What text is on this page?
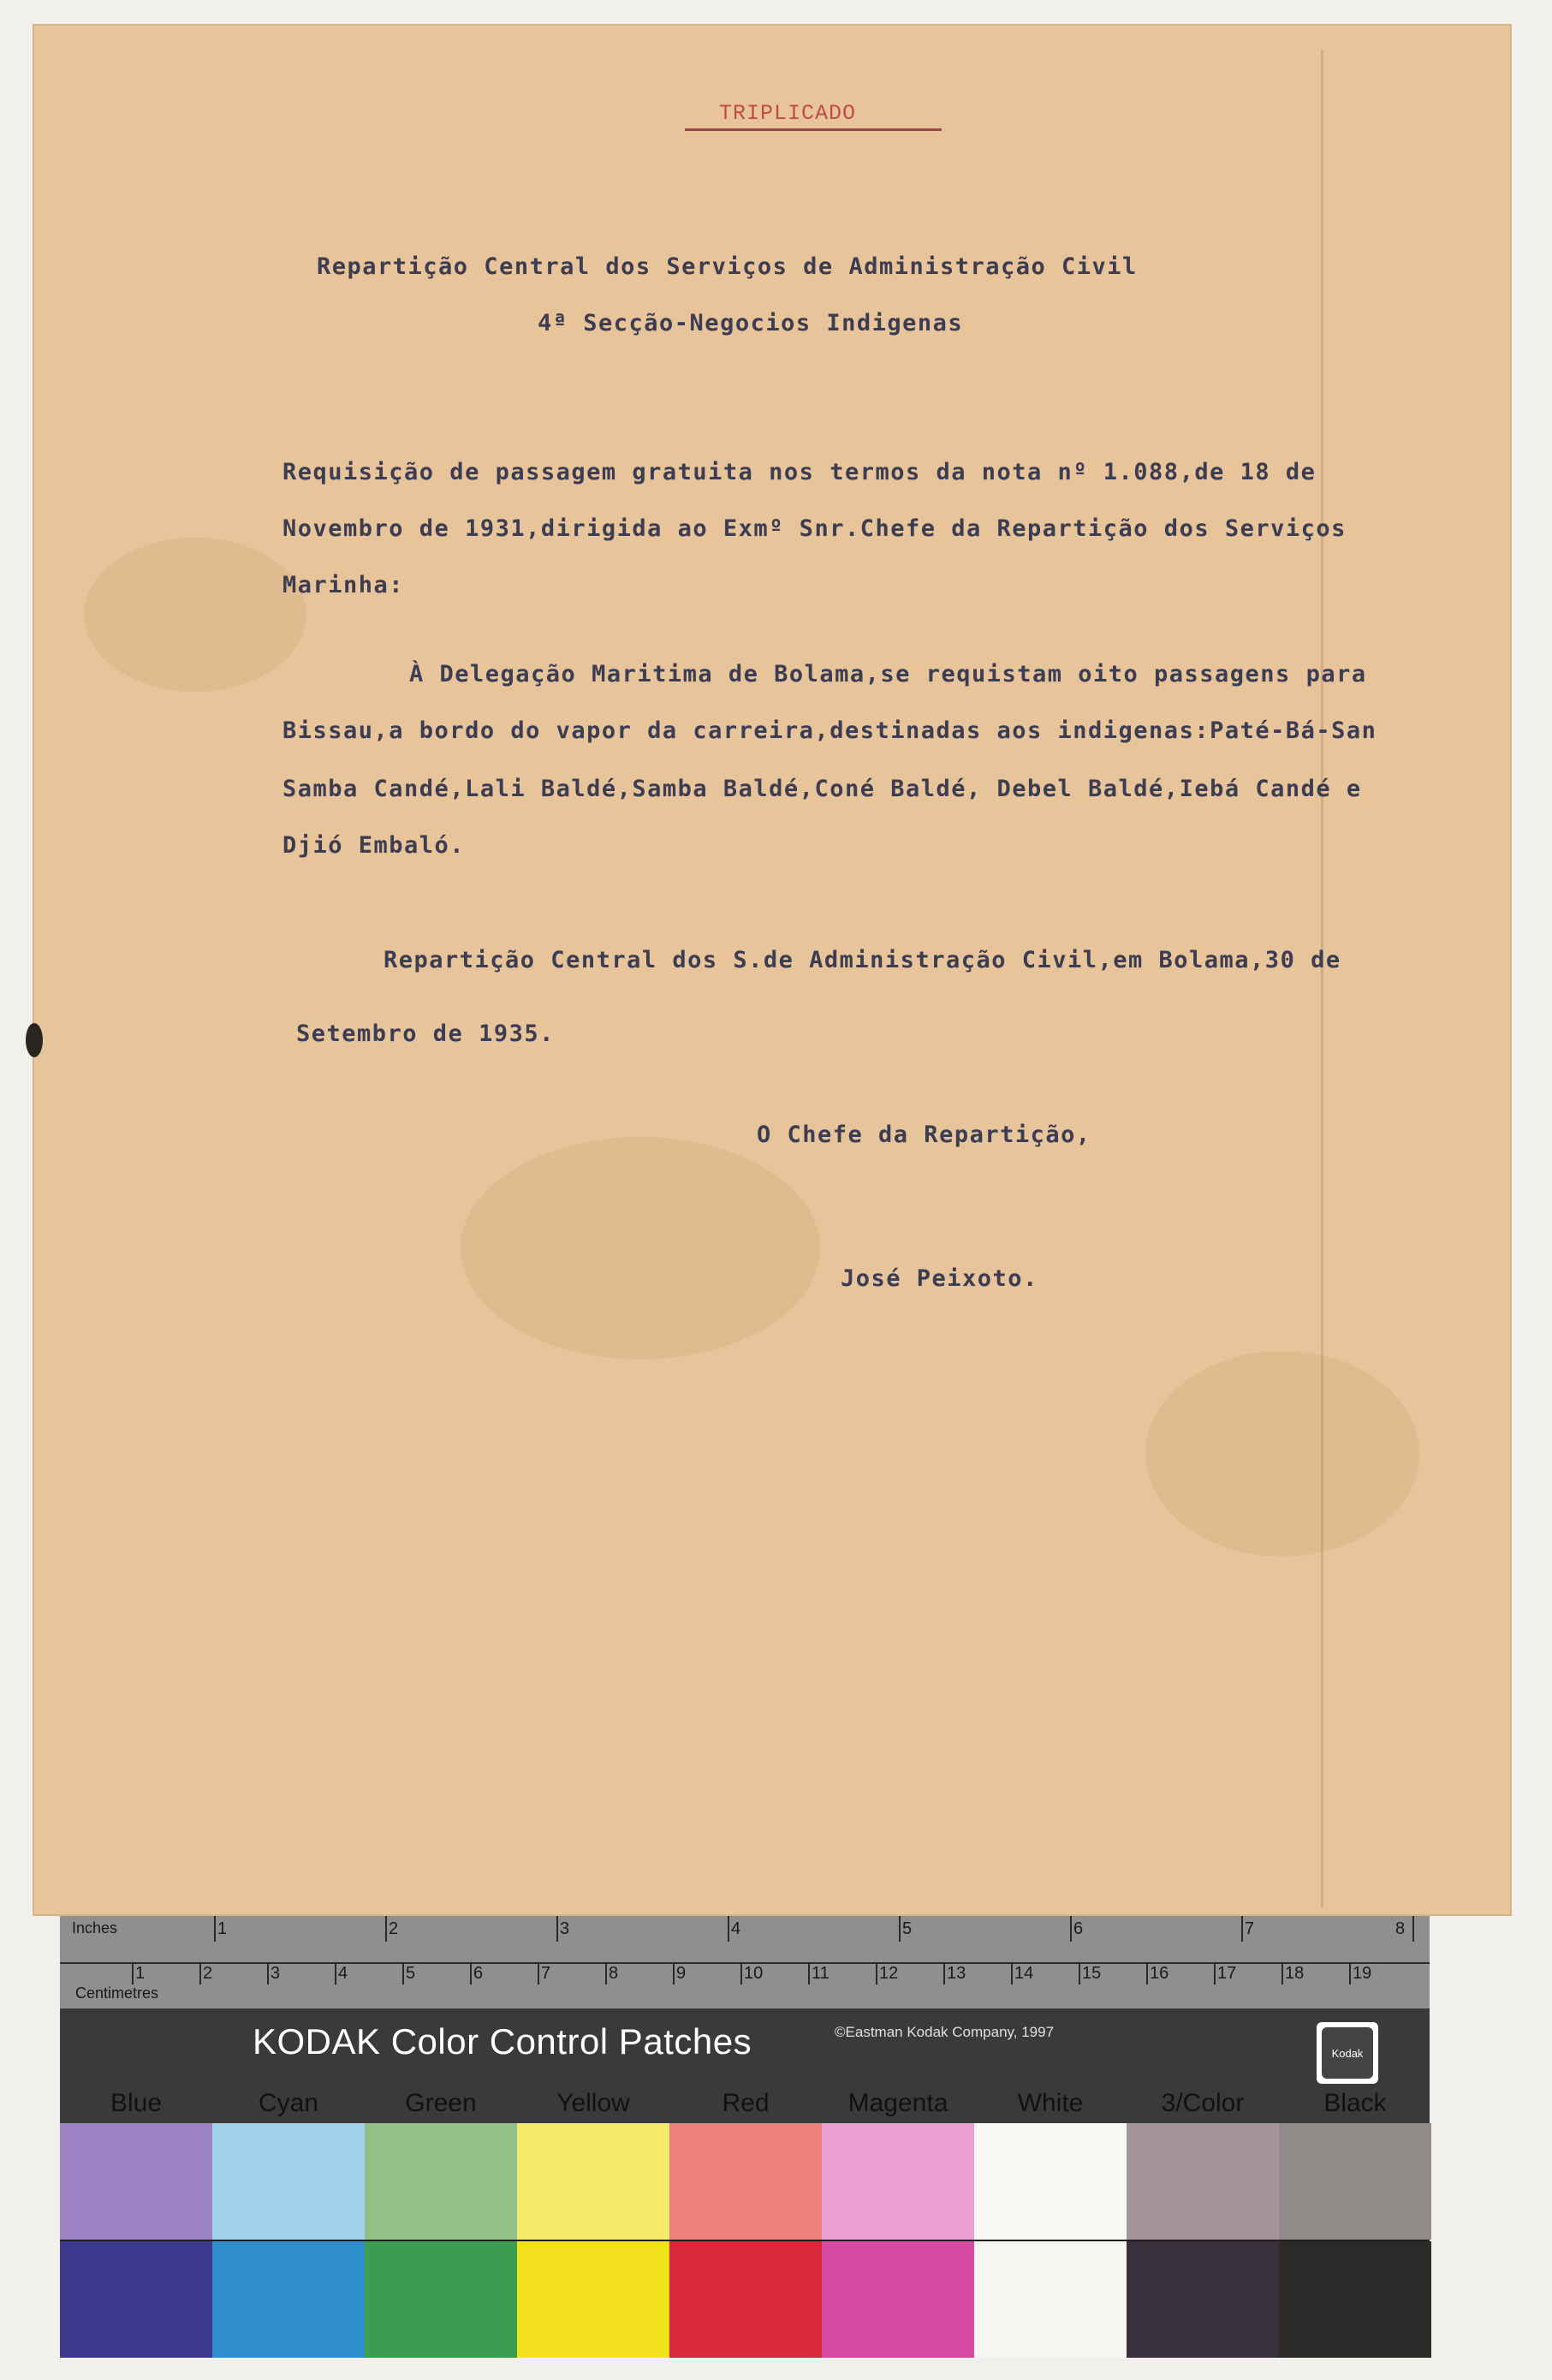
TRIPLICADO
Repartição Central dos Serviços de Administração Civil
4ª Secção-Negocios Indigenas
Requisição de passagem gratuita nos termos da nota nº 1.088,de 18 de
Novembro de 1931,dirigida ao Exmº Snr.Chefe da Repartição dos Serviços
Marinha:
À Delegação Maritima de Bolama,se requistam oito passagens para
Bissau,a bordo do vapor da carreira,destinadas aos indigenas:Paté-Bá-San
Samba Candé,Lali Baldé,Samba Baldé,Coné Baldé, Debel Baldé,Iebá Candé e
Djió Embaló.
Repartição Central dos S.de Administração Civil,em Bolama,30 de
Setembro de 1935.
O Chefe da Repartição,
José Peixoto.
Inches
Centimetres
1	2	3	4	5	6	7	8
1	2	3	4	5	6	7	8	9	10	11	12	13	14	15	16	17	18	19
KODAK Color Control Patches	Kodak
Blue	Cyan	Green	Yellow	Red	Magenta	White	3/Color	Black
©Eastman Kodak Company, 1997
